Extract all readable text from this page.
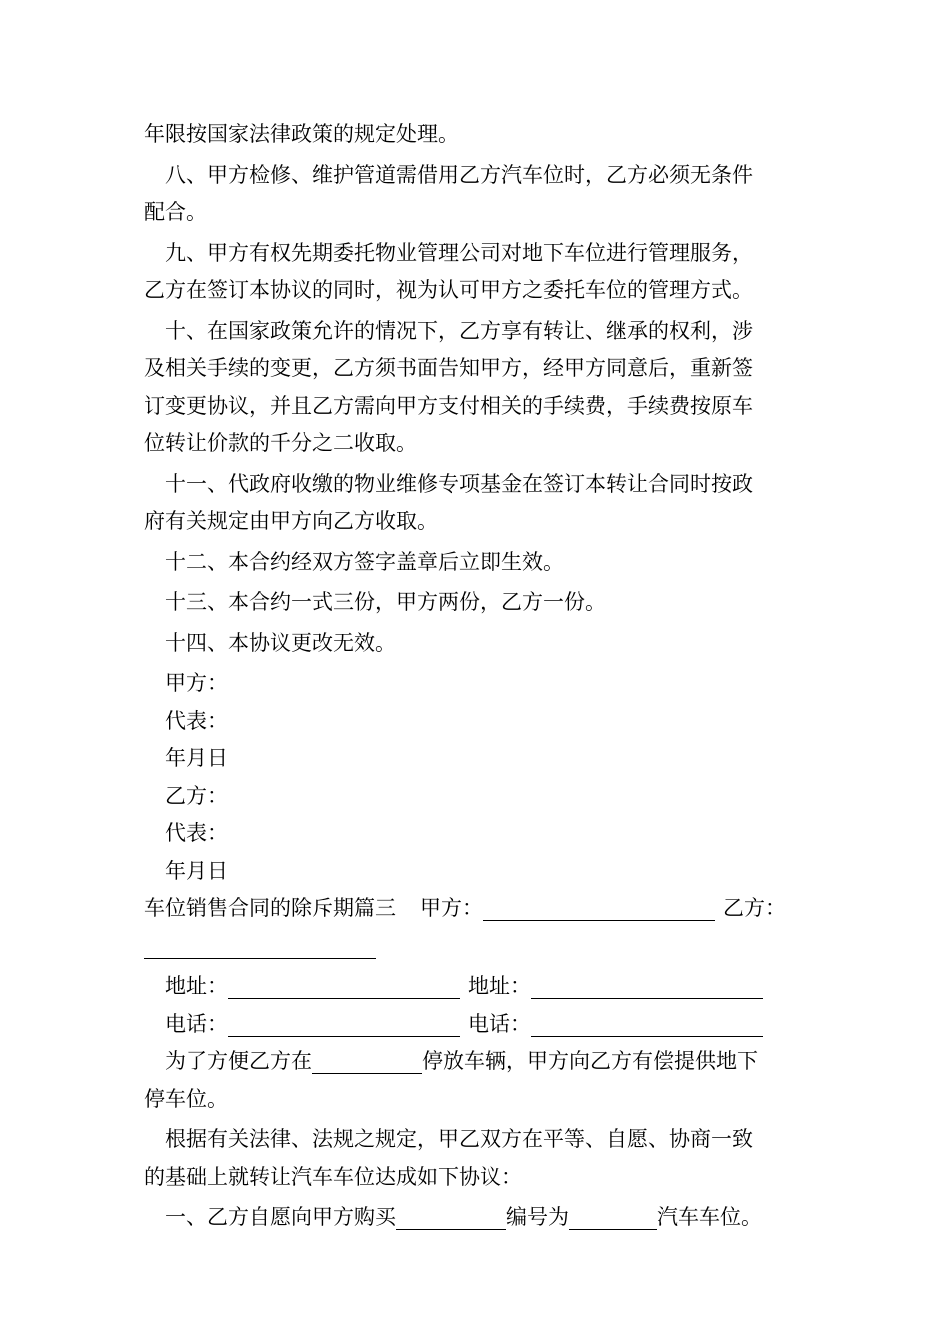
年限按国家法律政策的规定处理。
八、甲方检修、维护管道需借用乙方汽车位时，乙方必须无条件
配合。
九、甲方有权先期委托物业管理公司对地下车位进行管理服务，
乙方在签订本协议的同时，视为认可甲方之委托车位的管理方式。
十、在国家政策允许的情况下，乙方享有转让、继承的权利，涉
及相关手续的变更，乙方须书面告知甲方，经甲方同意后，重新签
订变更协议，并且乙方需向甲方支付相关的手续费，手续费按原车
位转让价款的千分之二收取。
十一、代政府收缴的物业维修专项基金在签订本转让合同时按政
府有关规定由甲方向乙方收取。
十二、本合约经双方签字盖章后立即生效。
十三、本合约一式三份，甲方两份，乙方一份。
十四、本协议更改无效。
甲方：
代表：
年月日
乙方：
代表：
年月日
车位销售合同的除斥期篇三 甲方：	乙方：
地址：	地址：
电话：	电话：
为了方便乙方在	停放车辆，甲方向乙方有偿提供地下
停车位。
根据有关法律、法规之规定，甲乙双方在平等、自愿、协商一致
的基础上就转让汽车车位达成如下协议：
一、乙方自愿向甲方购买	编号为	汽车车位。
